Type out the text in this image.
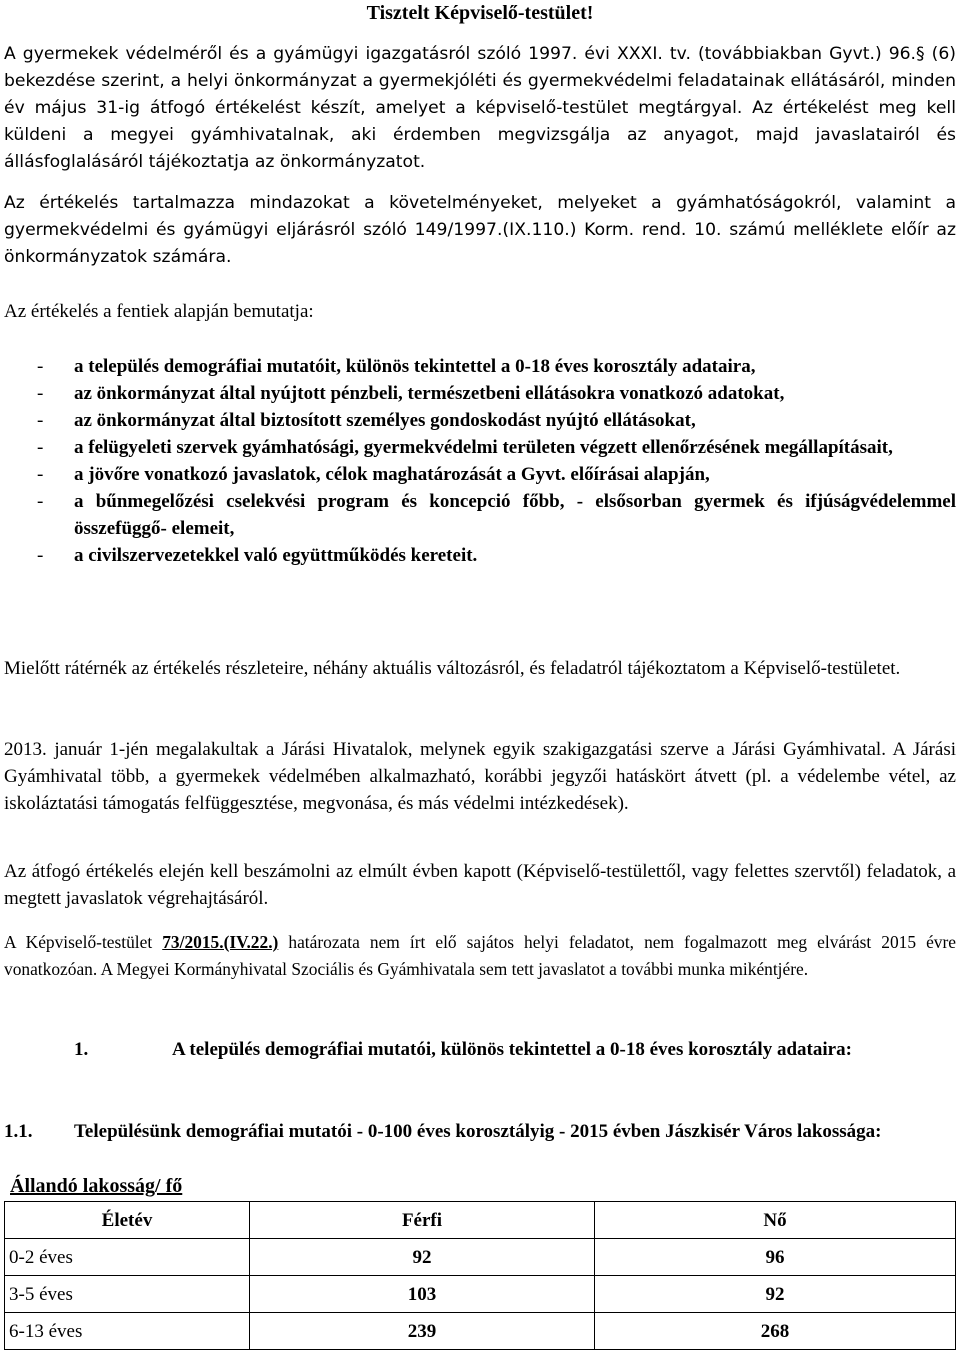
Tisztelt Képviselő-testület!
A gyermekek védelméről és a gyámügyi igazgatásról szóló 1997. évi XXXI. tv. (továbbiakban Gyvt.) 96.§ (6) bekezdése szerint, a helyi önkormányzat a gyermekjóléti és gyermekvédelmi feladatainak ellátásáról, minden év május 31-ig átfogó értékelést készít, amelyet a képviselő-testület megtárgyal. Az értékelést meg kell küldeni a megyei gyámhivatalnak, aki érdemben megvizsgálja az anyagot, majd javaslatairól és állásfoglalásáról tájékoztatja az önkormányzatot.
Az értékelés tartalmazza mindazokat a követelményeket, melyeket a gyámhatóságokról, valamint a gyermekvédelmi és gyámügyi eljárásról szóló 149/1997.(IX.110.) Korm. rend. 10. számú melléklete előír az önkormányzatok számára.
Az értékelés a fentiek alapján bemutatja:
- a település demográfiai mutatóit, különös tekintettel a 0-18 éves korosztály adataira,
- az önkormányzat által nyújtott pénzbeli, természetbeni ellátásokra vonatkozó adatokat,
- az önkormányzat által biztosított személyes gondoskodást nyújtó ellátásokat,
- a felügyeleti szervek gyámhatósági, gyermekvédelmi területen végzett ellenőrzésének megállapításait,
- a jövőre vonatkozó javaslatok, célok maghatározását a Gyvt. előírásai alapján,
- a bűnmegelőzési cselekvési program és koncepció főbb, - elsősorban gyermek és ifjúságvédelemmel összefüggő- elemeit,
- a civilszervezetekkel való együttműködés kereteit.
Mielőtt rátérnék az értékelés részleteire, néhány aktuális változásról, és feladatról tájékoztatom a Képviselő-testületet.
2013. január 1-jén megalakultak a Járási Hivatalok, melynek egyik szakigazgatási szerve a Járási Gyámhivatal. A Járási Gyámhivatal több, a gyermekek védelmében alkalmazható, korábbi jegyzői hatáskört átvett (pl. a védelembe vétel, az iskoláztatási támogatás felfüggesztése, megvonása, és más védelmi intézkedések).
Az átfogó értékelés elején kell beszámolni az elmúlt évben kapott (Képviselő-testülettől, vagy felettes szervtől) feladatok, a megtett javaslatok végrehajtásáról.
A Képviselő-testület 73/2015.(IV.22.) határozata nem írt elő sajátos helyi feladatot, nem fogalmazott meg elvárást 2015 évre vonatkozóan. A Megyei Kormányhivatal Szociális és Gyámhivatala sem tett javaslatot a további munka mikéntjére.
1.	A település demográfiai mutatói, különös tekintettel a 0-18 éves korosztály adataira:
1.1. Településünk demográfiai mutatói - 0-100 éves korosztályig - 2015 évben Jászkisér Város lakossága:
Állandó lakosság/ fő
Életév	Férfi	Nő
0-2 éves	92	96
3-5 éves	103	92
6-13 éves	239	268
